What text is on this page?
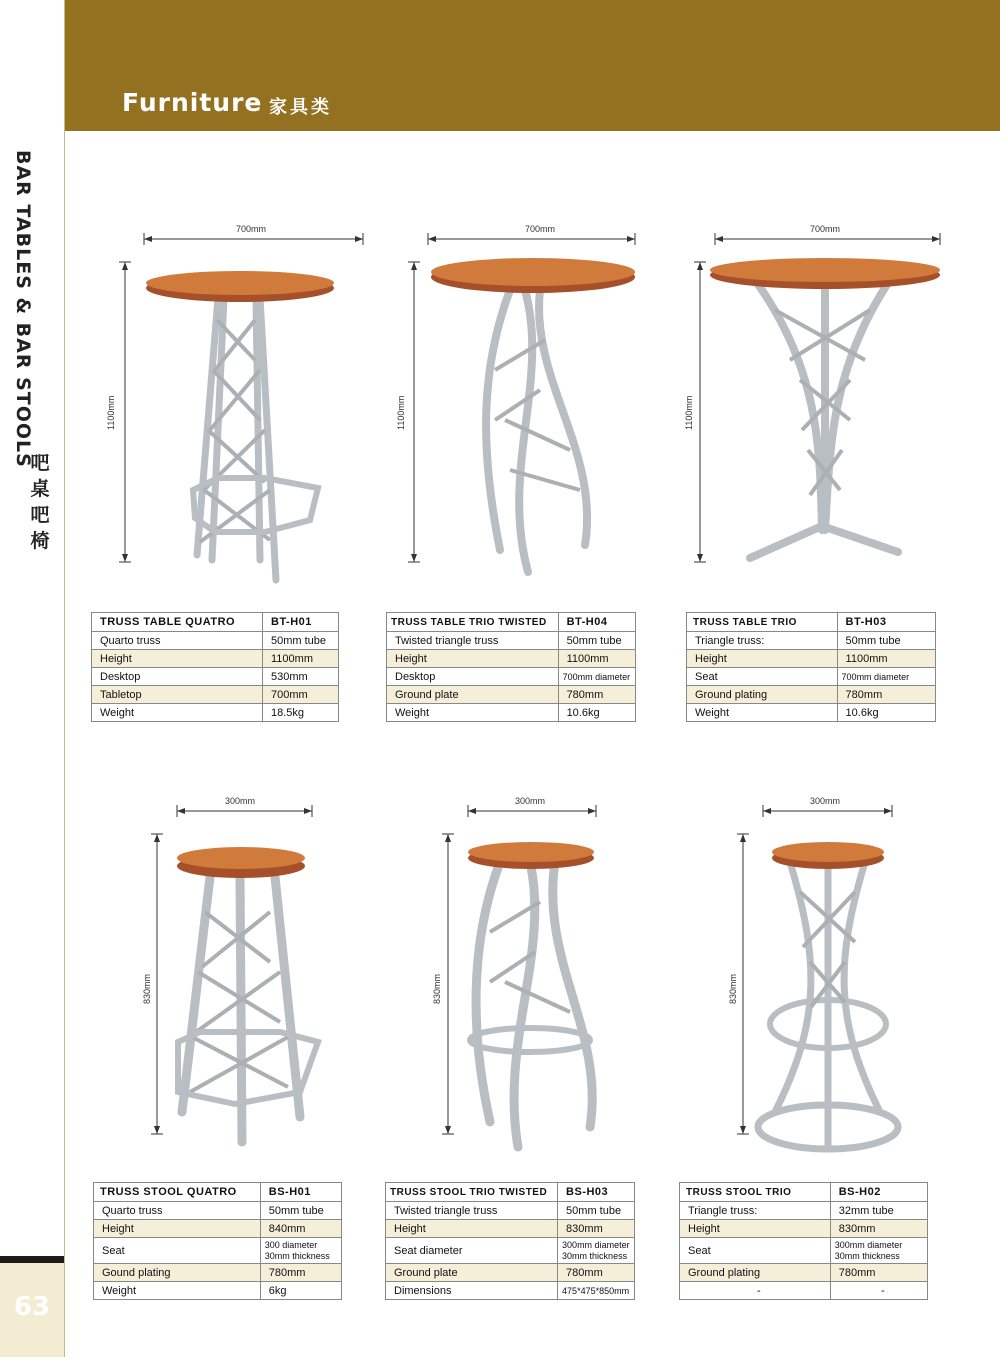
BAR TABLES & BAR STOOLS
吧
桌
吧
椅
63
Furniture 家具类
700mm
1100mm
700mm
1100mm
700mm
1100mm
TRUSS TABLE QUATRO	BT-H01
Quarto truss	50mm tube
Height	1100mm
Desktop	530mm
Tabletop	700mm
Weight	18.5kg
TRUSS TABLE TRIO TWISTED	BT-H04
Twisted triangle truss	50mm tube
Height	1100mm
Desktop	700mm diameter
Ground plate	780mm
Weight	10.6kg
TRUSS TABLE TRIO	BT-H03
Triangle truss:	50mm tube
Height	1100mm
Seat	700mm diameter
Ground plating	780mm
Weight	10.6kg
300mm
830mm
300mm
830mm
300mm
830mm
TRUSS STOOL QUATRO	BS-H01
Quarto truss	50mm tube
Height	840mm
Seat	300 diameter
30mm thickness

Gound plating	780mm
Weight	6kg
TRUSS STOOL TRIO TWISTED	BS-H03
Twisted triangle truss	50mm tube
Height	830mm
Seat diameter	300mm diameter
30mm thickness

Ground plate	780mm
Dimensions	475*475*850mm
TRUSS STOOL TRIO	BS-H02
Triangle truss:	32mm tube
Height	830mm
Seat	300mm diameter
30mm thickness

Ground plating	780mm
-	-
